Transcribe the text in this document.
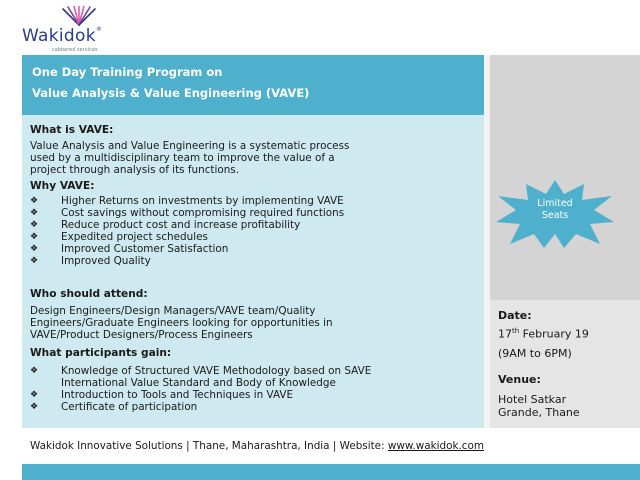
Wakidok®
cabbered services
One Day Training Program on
Value Analysis & Value Engineering (VAVE)
What is VAVE:
Value Analysis and Value Engineering is a systematic process
used by a multidisciplinary team to improve the value of a
project through analysis of its functions.
Why VAVE:
❖ Higher Returns on investments by implementing VAVE
❖ Cost savings without compromising required functions
❖ Reduce product cost and increase profitability
❖ Expedited project schedules
❖ Improved Customer Satisfaction
❖ Improved Quality
Who should attend:
Design Engineers/Design Managers/VAVE team/Quality
Engineers/Graduate Engineers looking for opportunities in
VAVE/Product Designers/Process Engineers
What participants gain:
❖ Knowledge of Structured VAVE Methodology based on SAVE
International Value Standard and Body of Knowledge
❖ Introduction to Tools and Techniques in VAVE
❖ Certificate of participation
Limited
Seats
Date:
17th February 19
(9AM to 6PM)
Venue:
Hotel Satkar
Grande, Thane
Wakidok Innovative Solutions | Thane, Maharashtra, India | Website: www.wakidok.com
